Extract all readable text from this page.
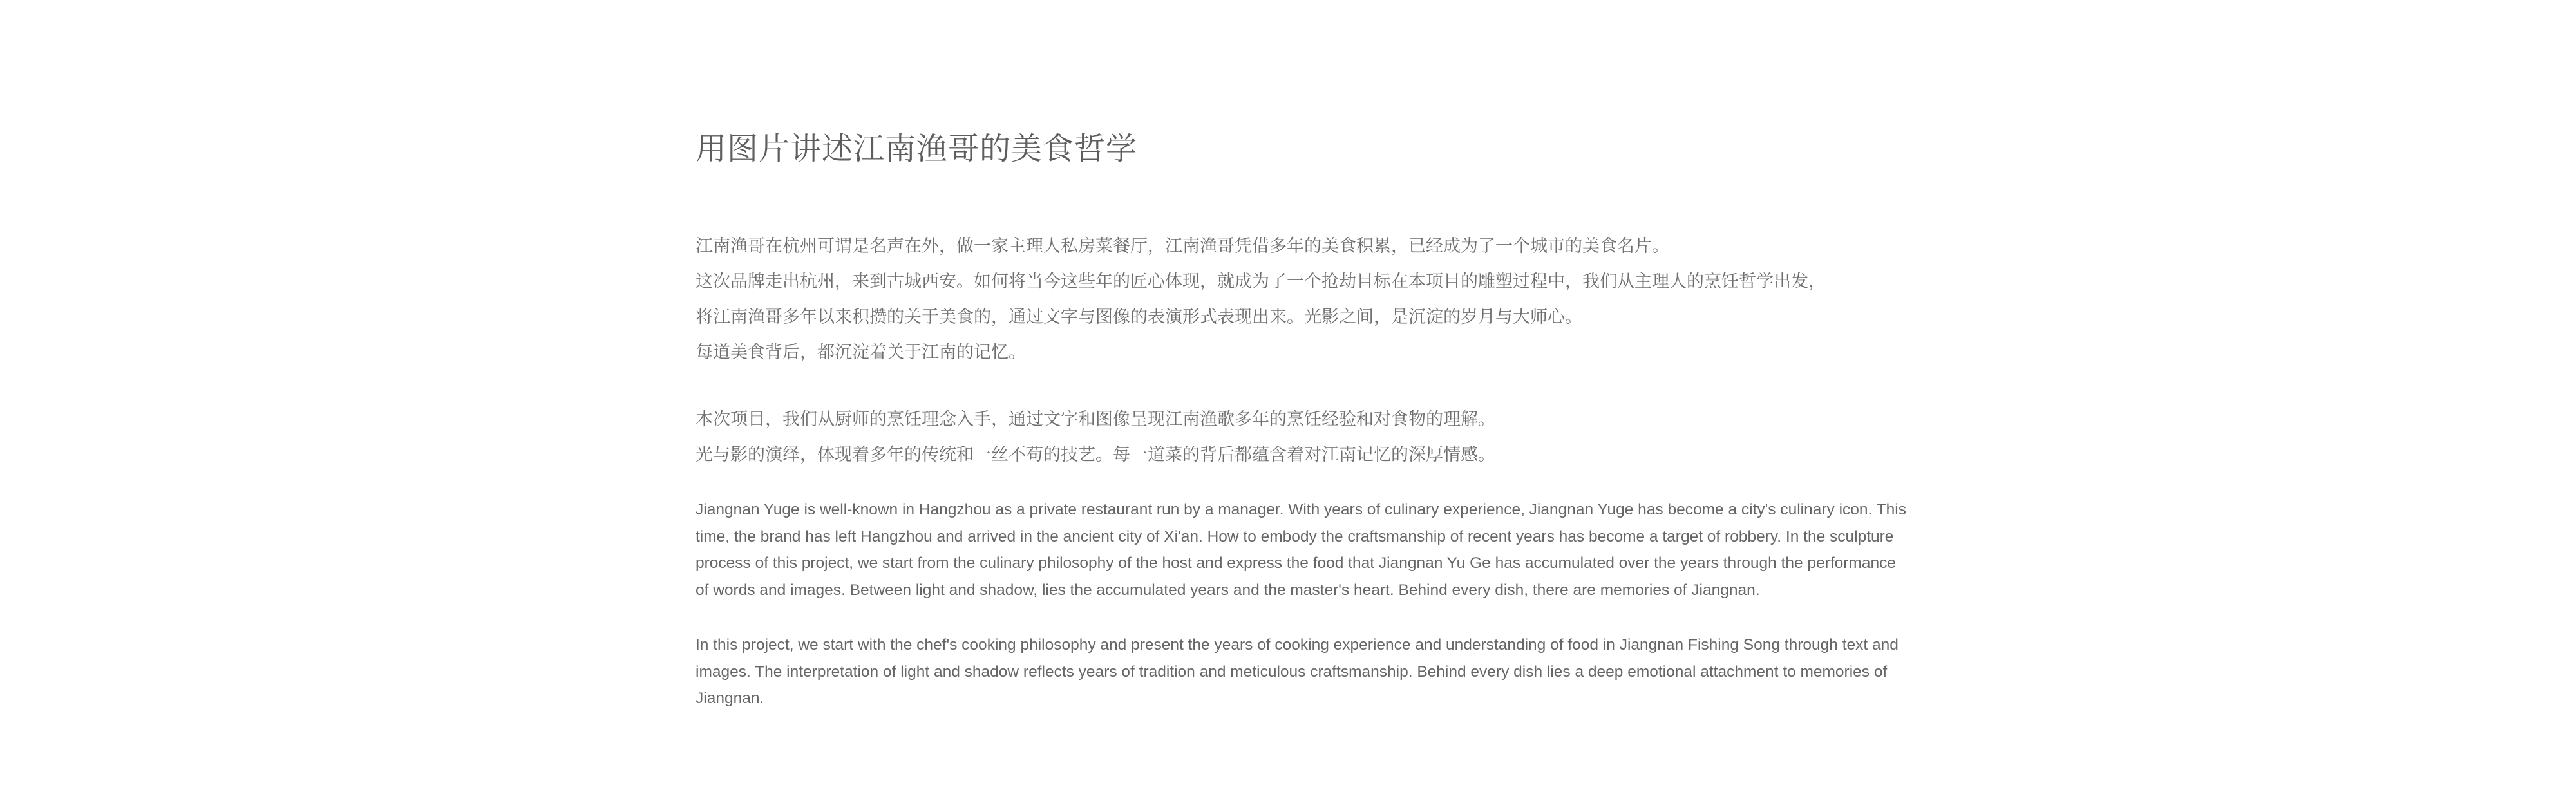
用图片讲述江南渔哥的美食哲学

江南渔哥在杭州可谓是名声在外，做一家主理人私房菜餐厅，江南渔哥凭借多年的美食积累，已经成为了一个城市的美食名片。
这次品牌走出杭州，来到古城西安。如何将当今这些年的匠心体现，就成为了一个抢劫目标在本项目的雕塑过程中，我们从主理人的烹饪哲学出发，
将江南渔哥多年以来积攒的关于美食的，通过文字与图像的表演形式表现出来。光影之间，是沉淀的岁月与大师心。
每道美食背后，都沉淀着关于江南的记忆。

本次项目，我们从厨师的烹饪理念入手，通过文字和图像呈现江南渔歌多年的烹饪经验和对食物的理解。
光与影的演绎，体现着多年的传统和一丝不苟的技艺。每一道菜的背后都蕴含着对江南记忆的深厚情感。

Jiangnan Yuge is well-known in Hangzhou as a private restaurant run by a manager. With years of culinary experience, Jiangnan Yuge has become a city's culinary icon. This time, the brand has left Hangzhou and arrived in the ancient city of Xi'an. How to embody the craftsmanship of recent years has become a target of robbery. In the sculpture process of this project, we start from the culinary philosophy of the host and express the food that Jiangnan Yu Ge has accumulated over the years through the performance of words and images. Between light and shadow, lies the accumulated years and the master's heart. Behind every dish, there are memories of Jiangnan.

In this project, we start with the chef's cooking philosophy and present the years of cooking experience and understanding of food in Jiangnan Fishing Song through text and images. The interpretation of light and shadow reflects years of tradition and meticulous craftsmanship. Behind every dish lies a deep emotional attachment to memories of Jiangnan.
